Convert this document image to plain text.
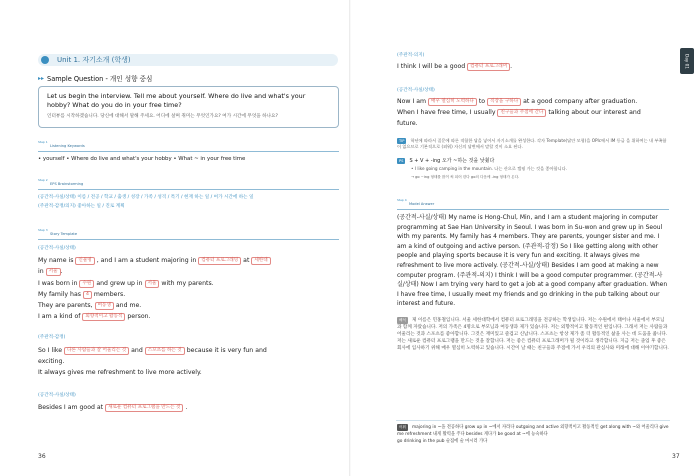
Unit 1. 자기소개 (학생)
▸▸ Sample Question - 개인 성향 중심
Let us begin the interview. Tell me about yourself. Where do live and what's your hobby? What do you do in your free time?
인터뷰를 시작하겠습니다. 당신에 대해서 말해 주세요. 어디에 살며 취미는 무엇인가요? 여가 시간에 무엇을 하나요?
Step 1
Listening Keywords
• yourself • Where do live and what's your hobby • What ~ in your free time
Step 2
EPS Brainstorming
(공간적-사실/상태) 이름 / 전공 / 학교 / 출생 / 성장 / 가족 / 성격 / 특기 / 현재 하는 일 / 여가 시간에 하는 일
(주관적-감정/의지) 좋아하는 일 / 진로 계획
Step 3
Story Template
(공간적-사실/상태)
My name is 인물명 , and I am a student majoring in 컴퓨터 프로그래밍 at 세한대
in 서울 .
I was born in 수원 and grew up in 서울 with my parents.
My family has 4 members.
They are parents, 여동생 and me.
I am a kind of 외향적이고 활동적 person.
(주관적-감정)
So I like 다른 사람들과 잘 어울리는 것 and 스포츠를 하는 것 because it is very fun and
exciting.
It always gives me refreshment to live more actively.
(공간적-사실/상태)
Besides I am good at 새로운 컴퓨터 프로그램을 만드는 것 .
36
Day 01
(주관적-의지)
I think I will be a good 컴퓨터 프로그래머 .
(공간적-사실/상태)
Now I am 매우 열심히 노력하다 to 직장을 구하다 at a good company after graduation.
When I have free time, I usually 친구들과 주점에 간다 talking about our interest and
future.
TIP 학년에 따라서 질문에 따른 적합한 답을 넣어서 자기소개를 완성한다. 각자 Template(답안 모형)을 OPIc에서 IM 등급 을 위하여는 내 부족함이 없으므로 기본적으로 (외워) 자신의 답변에서 말할 것이 소요 된다.
PS S + V + -ing 오가 ~하는 것을 낮췄다
• I like going camping in the mountain. 나는 산으로 캠핑 가는 것을 좋아합니다.
→ go ~ing 형태를 많이 써 되어 한다 go의 다음에 -ing 형태가 온다.
Step 4
Model Answer
(공간적-사실/상태) My name is Hong-Chul, Min, and I am a student majoring in computer programming at Sae Han University in Seoul. I was born in Su-won and grew up in Seoul with my parents. My family has 4 members. They are parents, younger sister and me. I am a kind of outgoing and active person. (주관적-감정) So I like getting along with other people and playing sports because it is very fun and exciting. It always gives me refreshment to live more actively. (공간적-사실/상태) Besides I am good at making a new computer program. (주관적-의지) I think I will be a good computer programmer. (공간적-사실/상태) Now I am trying very hard to get a job at a good company after graduation. When I have free time, I usually meet my friends and go drinking in the pub talking about our interest and future.
해석 제 이름은 민홍철입니다. 서울 세한대학에서 컴퓨터 프로그래밍을 전공하는 학생입니다. 저는 수원에서 태어나 서울에서 부모님과 함께 자랐습니다. 저의 가족은 4명으로 부모님과 여동생과 제가 있습니다. 저는 외향적이고 활동적인 편입니다. 그래서 저는 사람들과 어울리는 것과 스포츠를 좋아합니다. 그것은 재미있고 즐겁고 신납니다. 스포츠는 항상 제가 좀 더 활동적인 삶을 사는 데 도움을 줍니다. 저는 새로운 컴퓨터 프로그램을 만드는 것을 잘합니다. 저는 좋은 컴퓨터 프로그래머가 될 것이라고 생각합니다. 지금 저는 졸업 후 좋은 회사에 입사하기 위해 매우 열심히 노력하고 있습니다. 시간이 날 때는 친구들과 주점에 가서 우리의 관심사와 미래에 대해 이야기합니다.
어휘 majoring in ~을 전공하다 grow up in ~에서 자라다 outgoing and active 외향적이고 활동적인 get along with ~와 어울리다 give me refreshment 내게 활력을 주다 besides 게다가 be good at ~에 능숙하다
go drinking in the pub 술집에 술 마시러 가다
37
